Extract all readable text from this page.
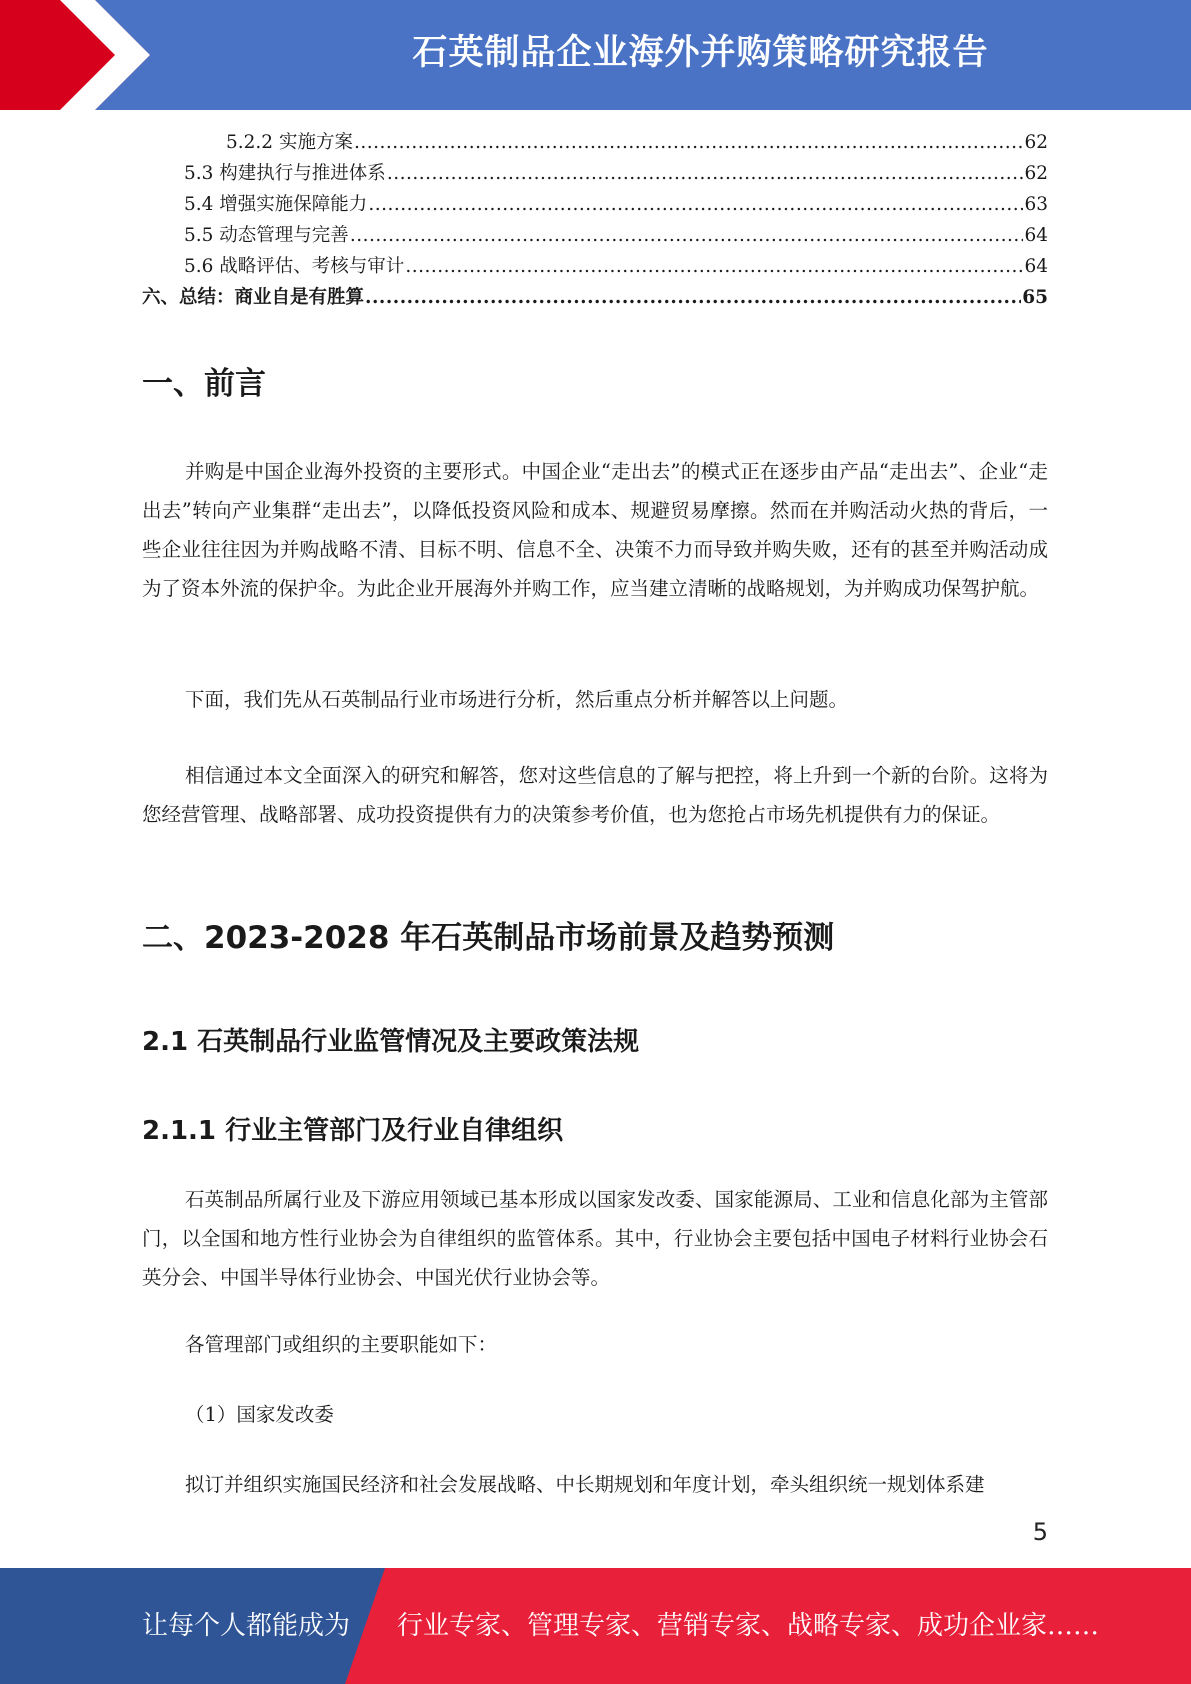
石英制品企业海外并购策略研究报告
5.2.2 实施方案 .....	62
5.3 构建执行与推进体系 .....	62
5.4 增强实施保障能力 .....	63
5.5 动态管理与完善 .....	64
5.6 战略评估、考核与审计 .....	64
六、总结：商业自是有胜算 .....	65
一、前言

并购是中国企业海外投资的主要形式。中国企业“走出去”的模式正在逐步由产品“走出去”、企业“走出去”转向产业集群“走出去”，以降低投资风险和成本、规避贸易摩擦。然而在并购活动火热的背后，一些企业往往因为并购战略不清、目标不明、信息不全、决策不力而导致并购失败，还有的甚至并购活动成为了资本外流的保护伞。为此企业开展海外并购工作，应当建立清晰的战略规划，为并购成功保驾护航。

下面，我们先从石英制品行业市场进行分析，然后重点分析并解答以上问题。

相信通过本文全面深入的研究和解答，您对这些信息的了解与把控，将上升到一个新的台阶。这将为您经营管理、战略部署、成功投资提供有力的决策参考价值，也为您抢占市场先机提供有力的保证。

二、2023-2028 年石英制品市场前景及趋势预测
2.1 石英制品行业监管情况及主要政策法规
2.1.1 行业主管部门及行业自律组织

石英制品所属行业及下游应用领域已基本形成以国家发改委、国家能源局、工业和信息化部为主管部门，以全国和地方性行业协会为自律组织的监管体系。其中，行业协会主要包括中国电子材料行业协会石英分会、中国半导体行业协会、中国光伏行业协会等。

各管理部门或组织的主要职能如下：

（1）国家发改委

拟订并组织实施国民经济和社会发展战略、中长期规划和年度计划，牵头组织统一规划体系建

5
让每个人都能成为 行业专家、管理专家、营销专家、战略专家、成功企业家……
